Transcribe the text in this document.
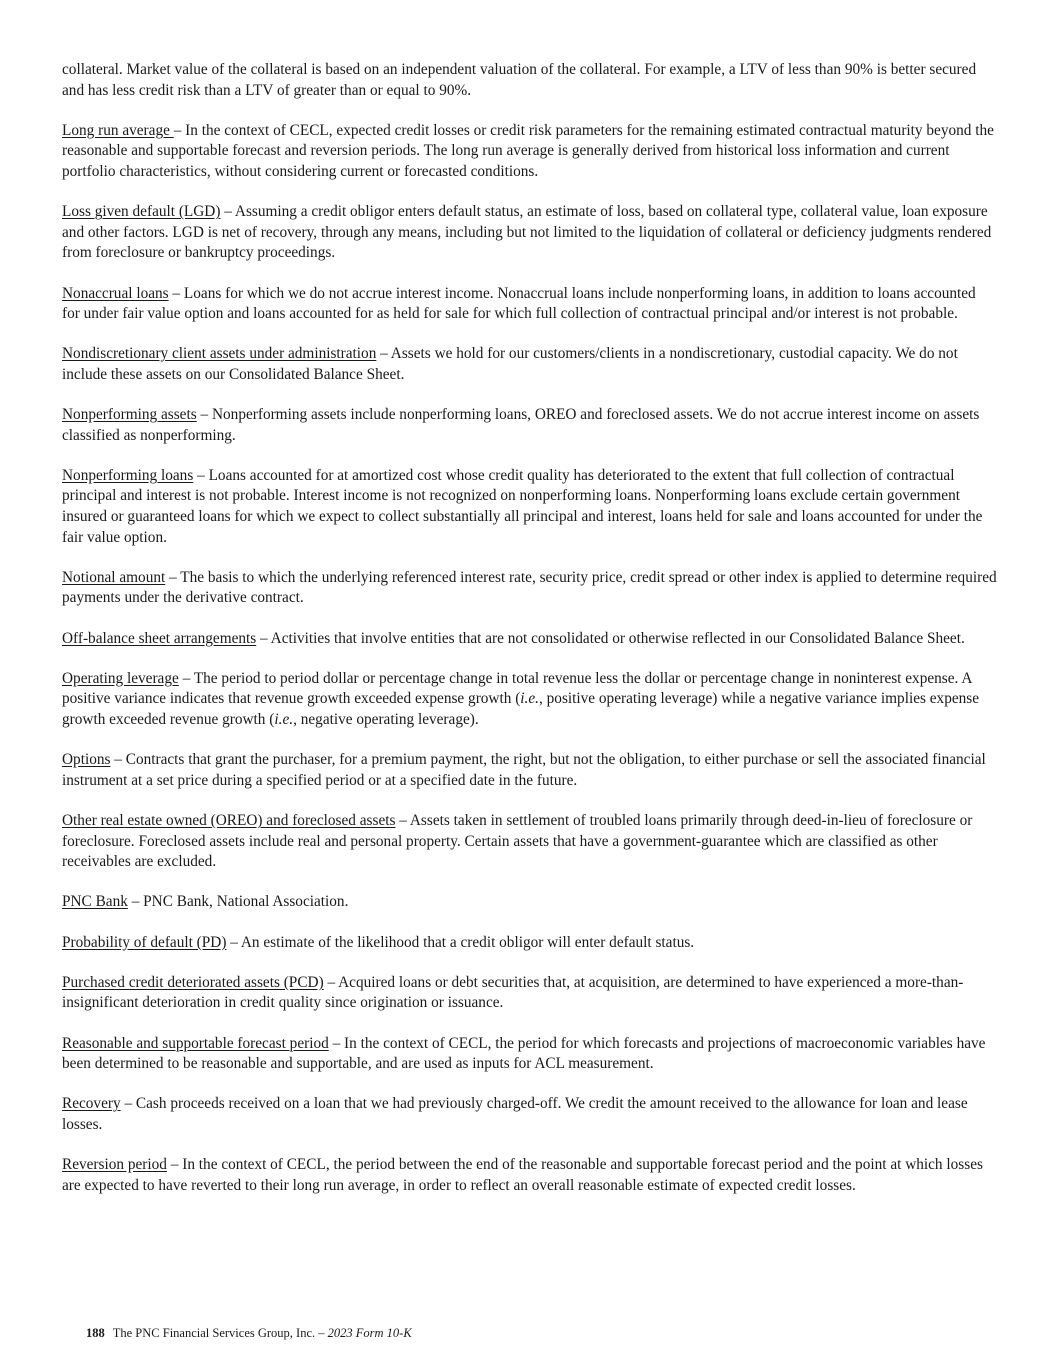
collateral. Market value of the collateral is based on an independent valuation of the collateral. For example, a LTV of less than 90% is better secured and has less credit risk than a LTV of greater than or equal to 90%.

Long run average – In the context of CECL, expected credit losses or credit risk parameters for the remaining estimated contractual maturity beyond the reasonable and supportable forecast and reversion periods. The long run average is generally derived from historical loss information and current portfolio characteristics, without considering current or forecasted conditions.

Loss given default (LGD) – Assuming a credit obligor enters default status, an estimate of loss, based on collateral type, collateral value, loan exposure and other factors. LGD is net of recovery, through any means, including but not limited to the liquidation of collateral or deficiency judgments rendered from foreclosure or bankruptcy proceedings.

Nonaccrual loans – Loans for which we do not accrue interest income. Nonaccrual loans include nonperforming loans, in addition to loans accounted for under fair value option and loans accounted for as held for sale for which full collection of contractual principal and/or interest is not probable.

Nondiscretionary client assets under administration – Assets we hold for our customers/clients in a nondiscretionary, custodial capacity. We do not include these assets on our Consolidated Balance Sheet.

Nonperforming assets – Nonperforming assets include nonperforming loans, OREO and foreclosed assets. We do not accrue interest income on assets classified as nonperforming.

Nonperforming loans – Loans accounted for at amortized cost whose credit quality has deteriorated to the extent that full collection of contractual principal and interest is not probable. Interest income is not recognized on nonperforming loans. Nonperforming loans exclude certain government insured or guaranteed loans for which we expect to collect substantially all principal and interest, loans held for sale and loans accounted for under the fair value option.

Notional amount – The basis to which the underlying referenced interest rate, security price, credit spread or other index is applied to determine required payments under the derivative contract.

Off-balance sheet arrangements – Activities that involve entities that are not consolidated or otherwise reflected in our Consolidated Balance Sheet.

Operating leverage – The period to period dollar or percentage change in total revenue less the dollar or percentage change in noninterest expense. A positive variance indicates that revenue growth exceeded expense growth (i.e., positive operating leverage) while a negative variance implies expense growth exceeded revenue growth (i.e., negative operating leverage).

Options – Contracts that grant the purchaser, for a premium payment, the right, but not the obligation, to either purchase or sell the associated financial instrument at a set price during a specified period or at a specified date in the future.

Other real estate owned (OREO) and foreclosed assets – Assets taken in settlement of troubled loans primarily through deed-in-lieu of foreclosure or foreclosure. Foreclosed assets include real and personal property. Certain assets that have a government-guarantee which are classified as other receivables are excluded.

PNC Bank – PNC Bank, National Association.

Probability of default (PD) – An estimate of the likelihood that a credit obligor will enter default status.

Purchased credit deteriorated assets (PCD) – Acquired loans or debt securities that, at acquisition, are determined to have experienced a more-than-insignificant deterioration in credit quality since origination or issuance.

Reasonable and supportable forecast period – In the context of CECL, the period for which forecasts and projections of macroeconomic variables have been determined to be reasonable and supportable, and are used as inputs for ACL measurement.

Recovery – Cash proceeds received on a loan that we had previously charged-off. We credit the amount received to the allowance for loan and lease losses.

Reversion period – In the context of CECL, the period between the end of the reasonable and supportable forecast period and the point at which losses are expected to have reverted to their long run average, in order to reflect an overall reasonable estimate of expected credit losses.

188 The PNC Financial Services Group, Inc. – 2023 Form 10-K
